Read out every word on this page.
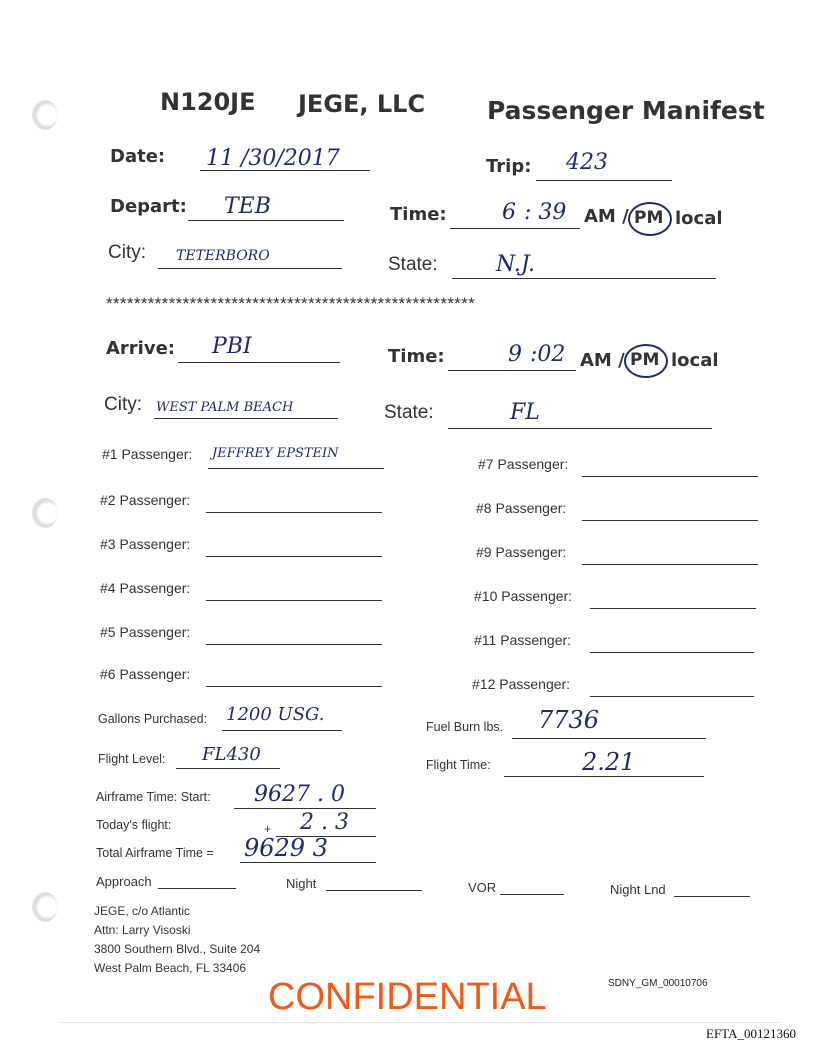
N120JE JEGE, LLC Passenger Manifest
Date: 11 /30/2017	Trip: 423
Depart: TEB	Time:	6 : 39 AM / PM local
City: TETERBORO	State:	N.J.
*****************************************************
Arrive: PBI	Time:	9 :02 AM / PM local
City: WEST PALM BEACH	State:	FL
#1 Passenger: JEFFREY EPSTEIN
#2 Passenger:
#3 Passenger:
#4 Passenger:
#5 Passenger:
#6 Passenger:
#7 Passenger:
#8 Passenger:
#9 Passenger:
#10 Passenger:
#11 Passenger:
#12 Passenger:
Gallons Purchased: 1200 USG.
Fuel Burn lbs. 7736
Flight Level: FL430	Flight Time:	2.21
Airframe Time: Start: 9627 . 0
Today's flight:	+ 2 . 3
Total Airframe Time = 9629 3
Approach	Night	VOR	Night Lnd
JEGE, c/o Atlantic
Attn: Larry Visoski
3800 Southern Blvd., Suite 204
West Palm Beach, FL 33406
CONFIDENTIAL	SDNY_GM_00010706
EFTA_00121360
